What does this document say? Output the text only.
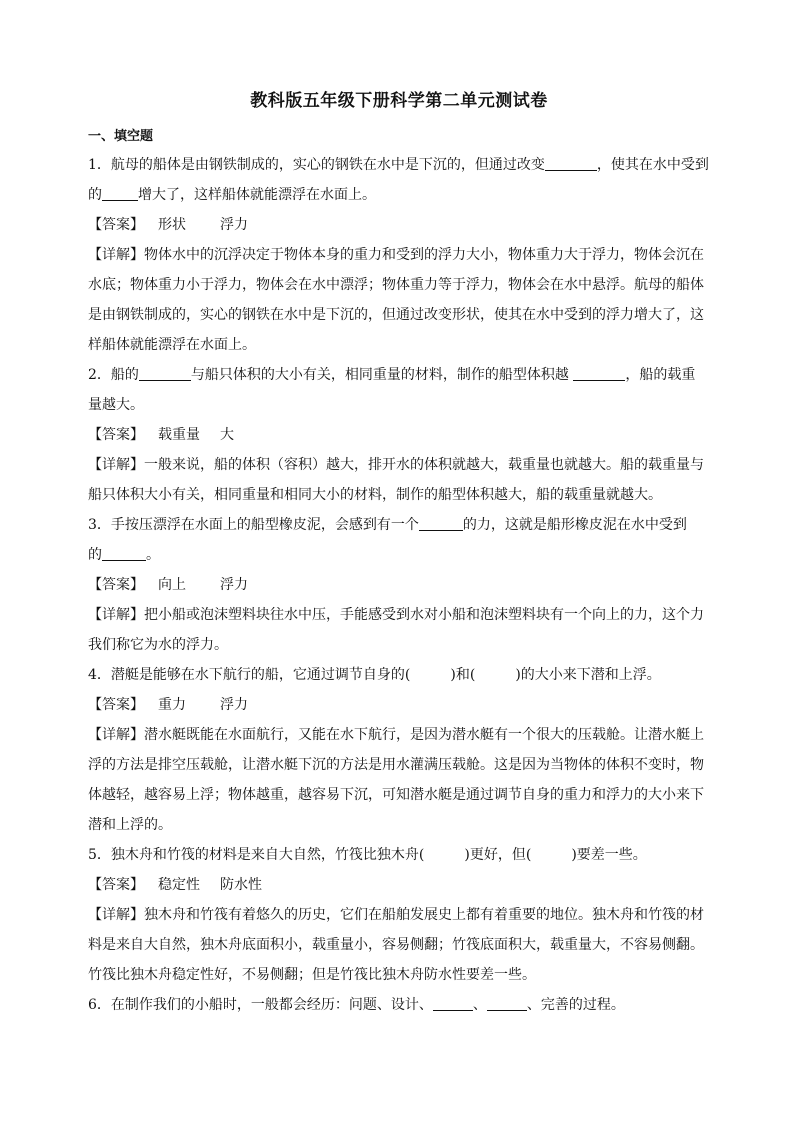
教科版五年级下册科学第二单元测试卷
一、填空题

1．航母的船体是由钢铁制成的，实心的钢铁在水中是下沉的，但通过改变	，使其在水中受到

的	增大了，这样船体就能漂浮在水面上。

【答案】 形状 浮力

【详解】物体水中的沉浮决定于物体本身的重力和受到的浮力大小，物体重力大于浮力，物体会沉在

水底；物体重力小于浮力，物体会在水中漂浮；物体重力等于浮力，物体会在水中悬浮。航母的船体

是由钢铁制成的，实心的钢铁在水中是下沉的，但通过改变形状，使其在水中受到的浮力增大了，这

样船体就能漂浮在水面上。

2．船的	与船只体积的大小有关，相同重量的材料，制作的船型体积越	，船的载重

量越大。

【答案】 载重量 大

【详解】一般来说，船的体积（容积）越大，排开水的体积就越大，载重量也就越大。船的载重量与

船只体积大小有关，相同重量和相同大小的材料，制作的船型体积越大，船的载重量就越大。

3．手按压漂浮在水面上的船型橡皮泥，会感到有一个	的力，这就是船形橡皮泥在水中受到

的	。

【答案】 向上 浮力

【详解】把小船或泡沫塑料块往水中压，手能感受到水对小船和泡沫塑料块有一个向上的力，这个力

我们称它为水的浮力。

4．潜艇是能够在水下航行的船，它通过调节自身的(	)和(	)的大小来下潜和上浮。

【答案】 重力 浮力

【详解】潜水艇既能在水面航行，又能在水下航行，是因为潜水艇有一个很大的压载舱。让潜水艇上

浮的方法是排空压载舱，让潜水艇下沉的方法是用水灌满压载舱。这是因为当物体的体积不变时，物

体越轻，越容易上浮；物体越重，越容易下沉，可知潜水艇是通过调节自身的重力和浮力的大小来下

潜和上浮的。

5．独木舟和竹筏的材料是来自大自然，竹筏比独木舟(	)更好，但(	)要差一些。

【答案】 稳定性 防水性

【详解】独木舟和竹筏有着悠久的历史，它们在船舶发展史上都有着重要的地位。独木舟和竹筏的材

料是来自大自然，独木舟底面积小，载重量小，容易侧翻；竹筏底面积大，载重量大，不容易侧翻。

竹筏比独木舟稳定性好，不易侧翻；但是竹筏比独木舟防水性要差一些。

6．在制作我们的小船时，一般都会经历：问题、设计、	、	、完善的过程。
